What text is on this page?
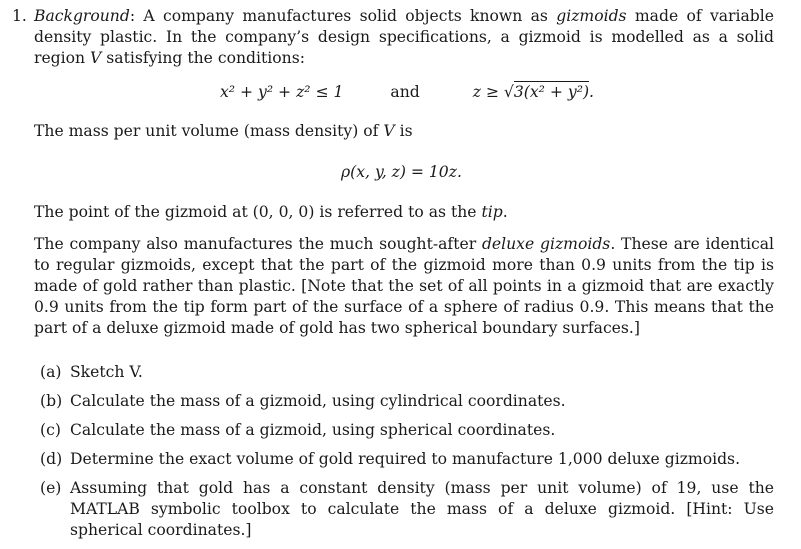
1. Background: A company manufactures solid objects known as gizmoids made of variable density plastic. In the company’s design specifications, a gizmoid is modelled as a solid region V satisfying the conditions:
x² + y² + z² ≤ 1	and	z ≥ √3(x² + y²).
The mass per unit volume (mass density) of V is
ρ(x, y, z) = 10z.
The point of the gizmoid at (0, 0, 0) is referred to as the tip.
The company also manufactures the much sought-after deluxe gizmoids. These are identical to regular gizmoids, except that the part of the gizmoid more than 0.9 units from the tip is made of gold rather than plastic. [Note that the set of all points in a gizmoid that are exactly 0.9 units from the tip form part of the surface of a sphere of radius 0.9. This means that the part of a deluxe gizmoid made of gold has two spherical boundary surfaces.]
(a) Sketch V.
(b) Calculate the mass of a gizmoid, using cylindrical coordinates.
(c) Calculate the mass of a gizmoid, using spherical coordinates.
(d) Determine the exact volume of gold required to manufacture 1,000 deluxe gizmoids.
(e) Assuming that gold has a constant density (mass per unit volume) of 19, use the MATLAB symbolic toolbox to calculate the mass of a deluxe gizmoid. [Hint: Use spherical coordinates.]
